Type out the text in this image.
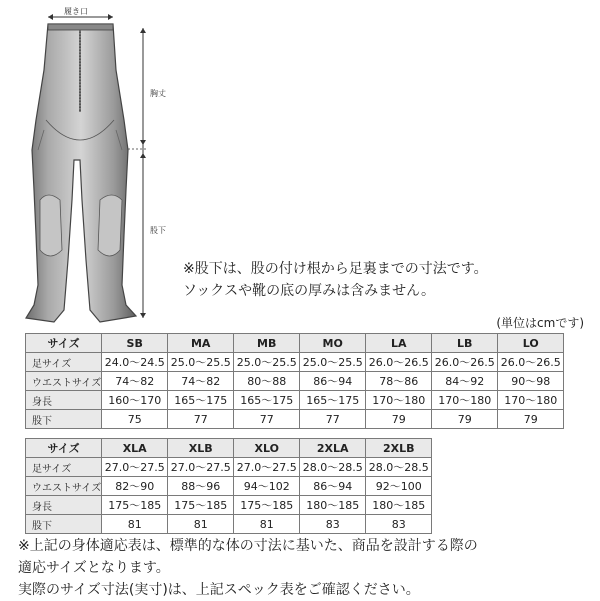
履き口
胸丈
股下
※股下は、股の付け根から足裏までの寸法です。
ソックスや靴の底の厚みは含みません。
(単位はcmです)
サイズ	SB	MA	MB	MO	LA	LB	LO
足サイズ	24.0～24.5	25.0～25.5	25.0～25.5	25.0～25.5	26.0～26.5	26.0～26.5	26.0～26.5
ウエストサイズ	74～82	74～82	80～88	86～94	78～86	84～92	90～98
身長	160～170	165～175	165～175	165～175	170～180	170～180	170～180
股下	75	77	77	77	79	79	79
サイズ	XLA	XLB	XLO	2XLA	2XLB
足サイズ	27.0～27.5	27.0～27.5	27.0～27.5	28.0～28.5	28.0～28.5
ウエストサイズ	82～90	88～96	94～102	86～94	92～100
身長	175～185	175～185	175～185	180～185	180～185
股下	81	81	81	83	83
※上記の身体適応表は、標準的な体の寸法に基いた、商品を設計する際の
適応サイズとなります。
実際のサイズ寸法(実寸)は、上記スペック表をご確認ください。
